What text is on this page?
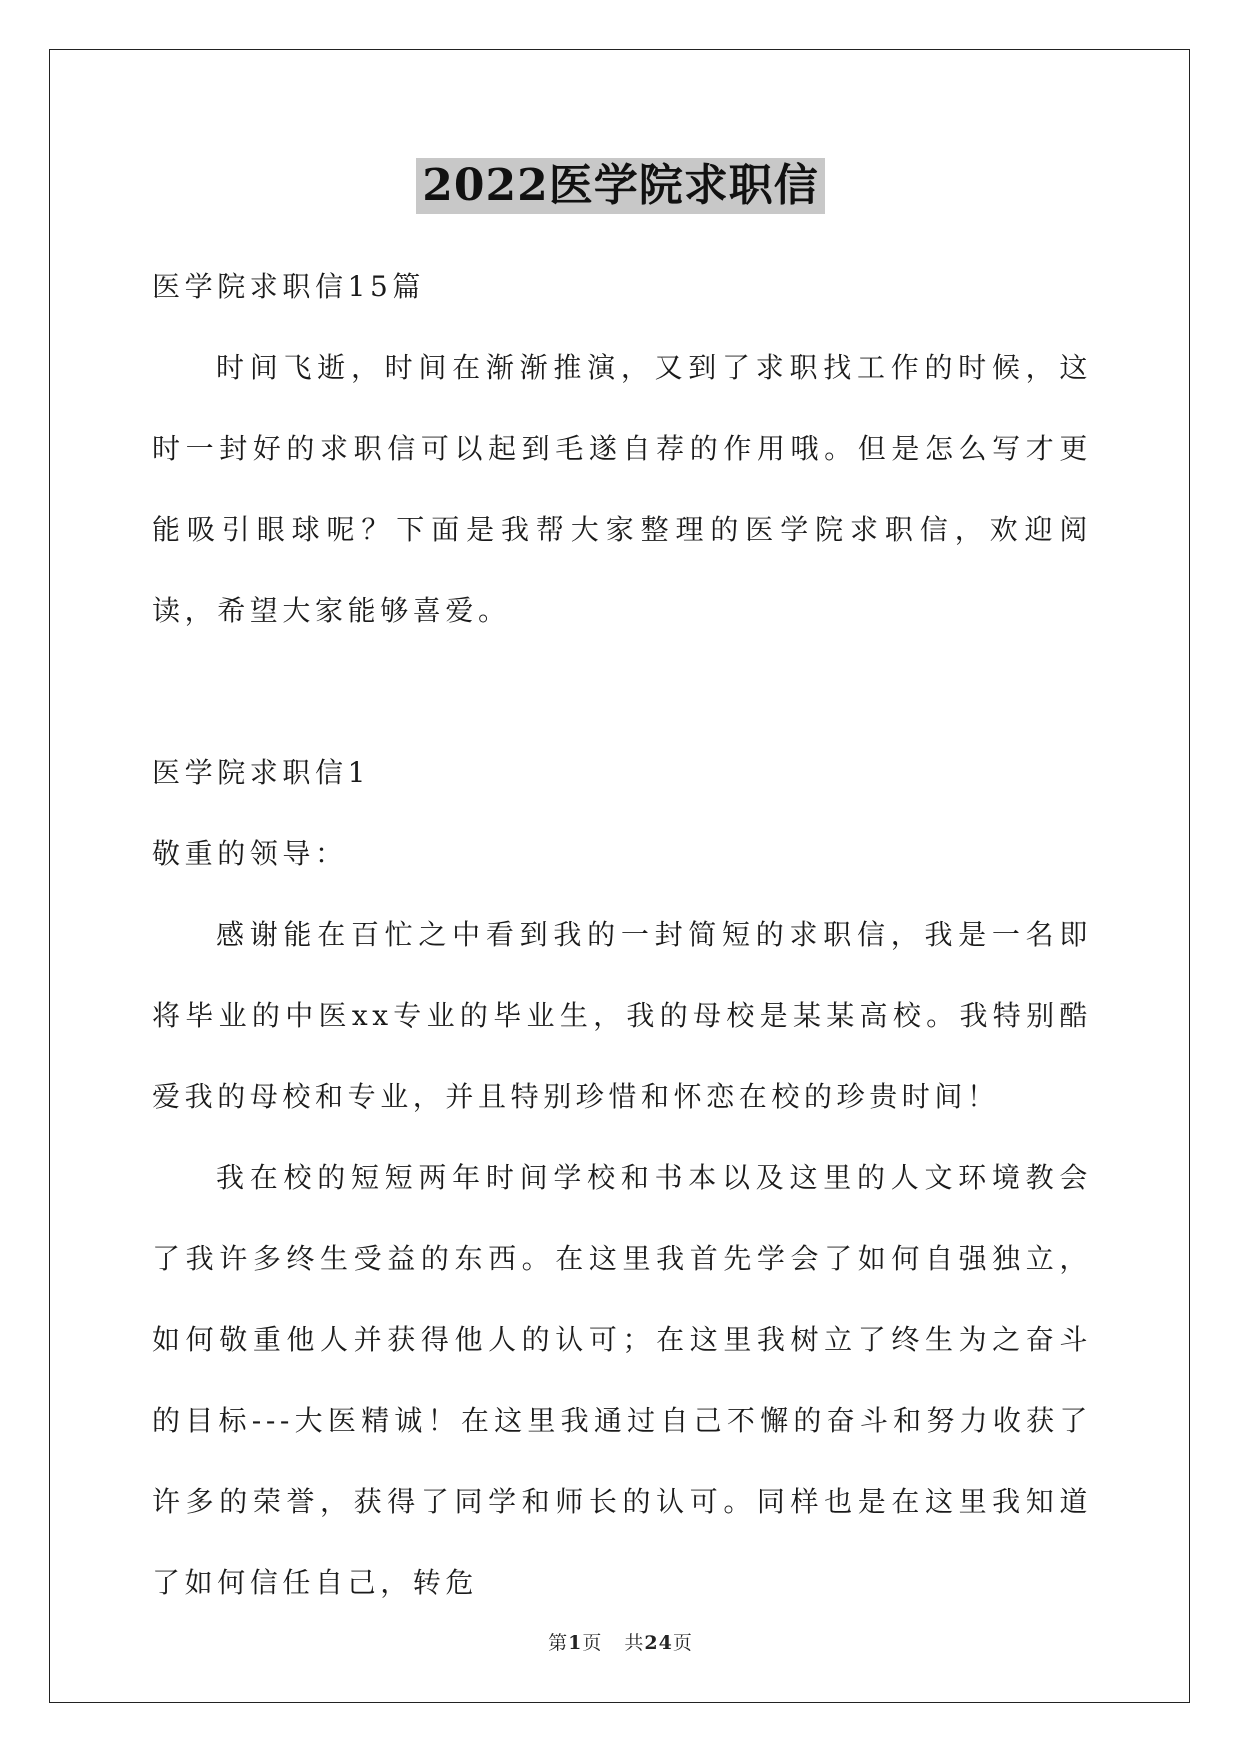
2022医学院求职信

医学院求职信15篇

时间飞逝，时间在渐渐推演，又到了求职找工作的时候，这时一封好的求职信可以起到毛遂自荐的作用哦。但是怎么写才更能吸引眼球呢？下面是我帮大家整理的医学院求职信，欢迎阅读，希望大家能够喜爱。

医学院求职信1

敬重的领导：

感谢能在百忙之中看到我的一封简短的求职信，我是一名即将毕业的中医xx专业的毕业生，我的母校是某某高校。我特别酷爱我的母校和专业，并且特别珍惜和怀恋在校的珍贵时间！

我在校的短短两年时间学校和书本以及这里的人文环境教会了我许多终生受益的东西。在这里我首先学会了如何自强独立，如何敬重他人并获得他人的认可；在这里我树立了终生为之奋斗的目标---大医精诚！在这里我通过自己不懈的奋斗和努力收获了许多的荣誉，获得了同学和师长的认可。同样也是在这里我知道了如何信任自己，转危

第1页 共24页
